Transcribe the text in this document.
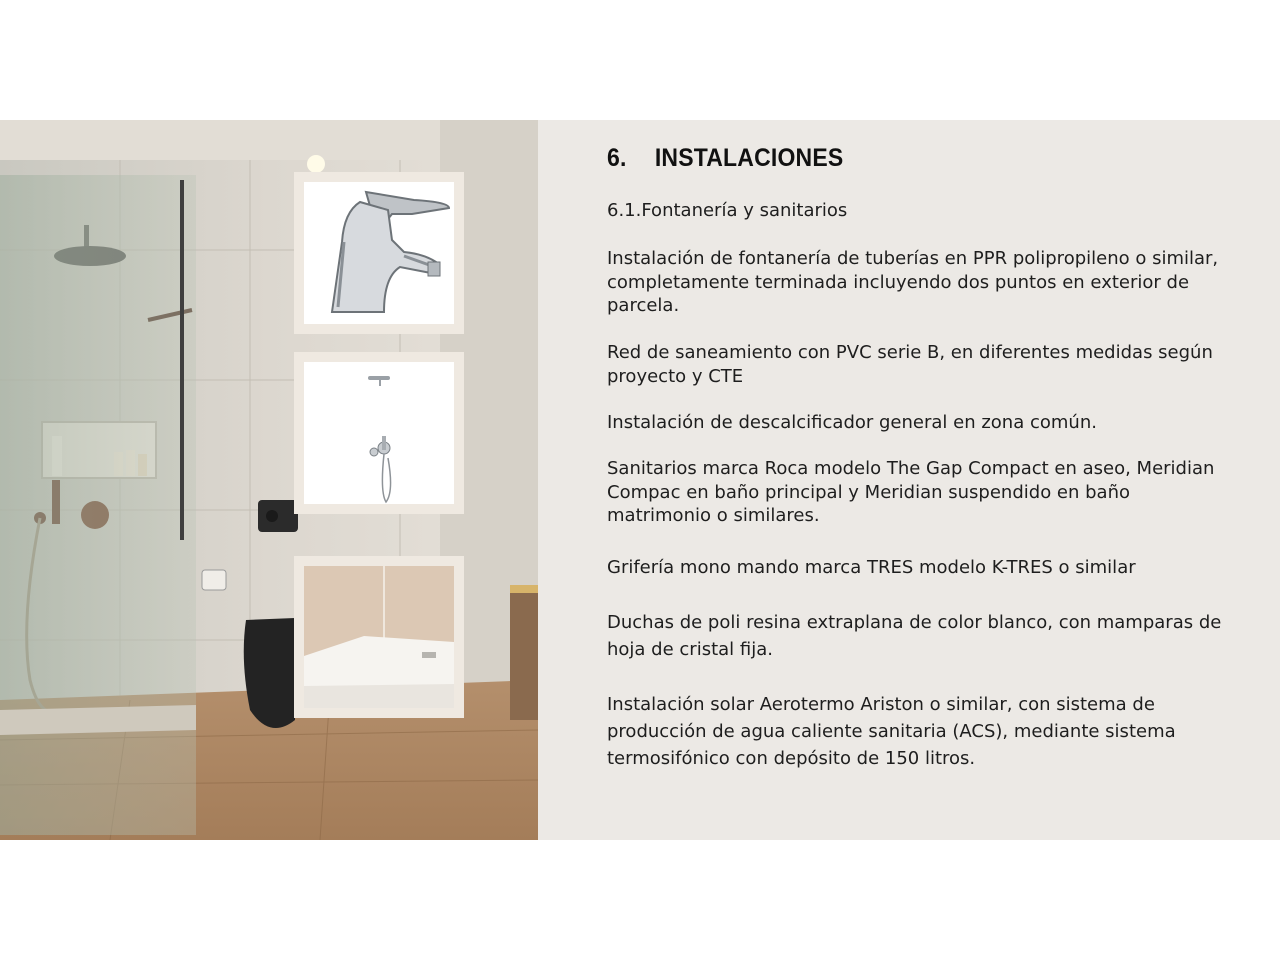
6. INSTALACIONES

6.1.Fontanería y sanitarios

Instalación de fontanería de tuberías en PPR polipropileno o similar, completamente terminada incluyendo dos puntos en exterior de parcela.

Red de saneamiento con PVC serie B, en diferentes medidas según proyecto y CTE

Instalación de descalcificador general en zona común.

Sanitarios marca Roca modelo The Gap Compact en aseo, Meridian Compac en baño principal y Meridian suspendido en baño matrimonio o similares.

Grifería mono mando marca TRES modelo K-TRES o similar

Duchas de poli resina extraplana de color blanco, con mamparas de hoja de cristal fija.

Instalación solar Aerotermo Ariston o similar, con sistema de producción de agua caliente sanitaria (ACS), mediante sistema termosifónico con depósito de 150 litros.
